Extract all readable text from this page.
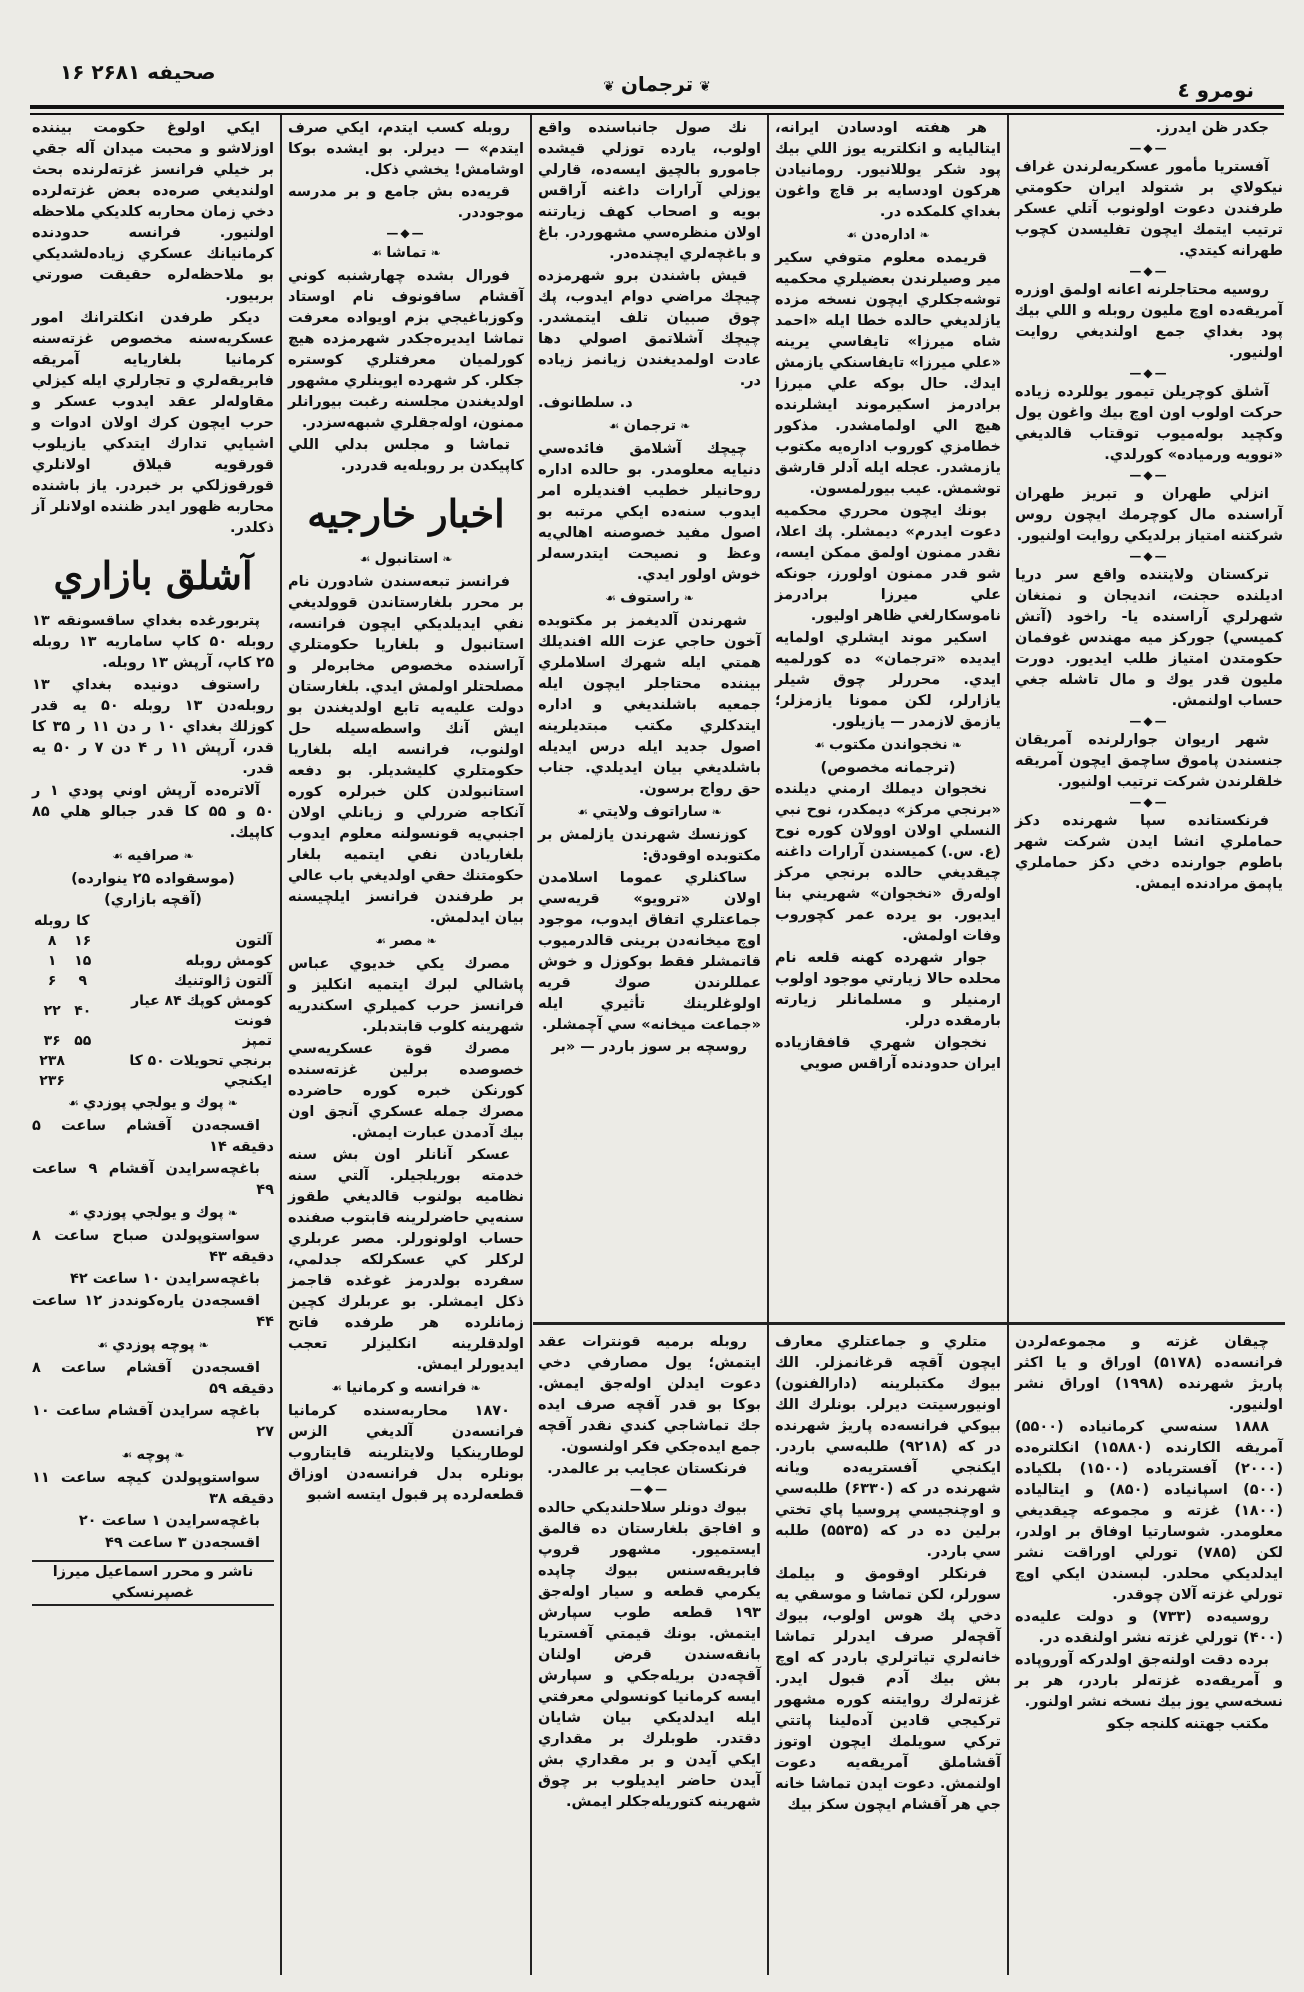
صحيفه ۲۶۸۱ ۱۶
❦ترجمان❦	نومرو ٤

جكدر ظن ايدرز.

—◆—

آفستريا مأمور عسكريه‌لرندن غراف نيكولاي بر شتولد ايران حكومتي طرفندن دعوت اولونوب آتلي عسكر ترتيب ايتمك ايچون تفليسدن كچوب طهرانه كيتدي.

—◆—

روسيه محتاجلرنه اعانه اولمق اوزره آمريقه‌ده اوچ مليون روبله و اللي بيك پود بغداي جمع اولنديغي روايت اولنيور.

—◆—

آشلق كوچريلن تيمور يوللرده زياده حركت اولوب اون اوچ بيك واغون يول وكچيد بوله‌ميوب توقتاب قالديغي «نوويه ورمياده» كورلدي.

—◆—

انزلي طهران و تبريز طهران آراسنده مال كوچرمك ايچون روس شركتنه امتياز برلديكي روايت اولنيور.

—◆—

تركستان ولايتنده واقع سر دريا اديلنده حجنت، انديجان و نمنغان شهرلري آراسنده يا- راخود (آتش كميسي) جوركز ميه مهندس غوفمان حكومتدن امتياز طلب ايديور. دورت مليون قدر يوك و مال تاشله جغي حساب اولنمش.

—◆—

شهر اريوان جوارلرنده آمريقان جنسندن پاموق ساچمق ايچون آمريقه خلقلرندن شركت ترتيب اولنيور.

—◆—

فرنكستانده سپا شهرنده دكز حماملري انشا ايدن شركت شهر باطوم جوارنده دخي دكز حماملري ياپمق مرادنده ايمش.

هر هفته اودسادن ايرانه، ايتاليايه و انكلتريه يوز اللي بيك پود شكر يوللانيور. رومانيادن هركون اودسايه بر قاچ واغون بغداي كلمكده در.

❧ اداره‌دن ☙

قريمده معلوم متوفي سكير مير وصيلرندن بعضيلري محكميه توشه‌جكلري ايچون نسخه مزده يازلديغي حالده خطا ايله «احمد شاه ميرزا» تايفاسي يرينه «علي ميرزا» تايفاسنكي يازمش ايدك. حال بوكه علي ميرزا برادرمز اسكيرموند ايشلرنده هيچ الي اولمامشدر. مذكور خطامزي كوروب اداره‌يه مكتوب يازمشدر. عجله ايله آدلر قارشق توشمش. عيب بيورلمسون.

بونك ايچون محرري محكميه دعوت ايدرم» ديمشلر. پك اعلا، نقدر ممنون اولمق ممكن ايسه، شو قدر ممنون اولورز، جونكه علي ميرزا برادرمز ناموسكارلغي ظاهر اوليور.

اسكير موند ايشلري اولمايه ايديده «ترجمان» ده كورلميه ايدي. محررلر چوق شيلر يازارلر، لكن ممونا يازمزلر؛ يازمق لازمدر — يازيلور.

❧ نخجواندن مكتوب ☙
(ترجمانه مخصوص)

نخجوان ديملك ارمني ديلنده «برنجي مركز» ديمكدر، نوح نبي النسلي اولان اوولان كوره نوح (ع. س.) كميسندن آرارات داغنه چيقديغي حالده برنجي مركز اوله‌رق «نخجوان» شهريني بنا ايديور. بو يرده عمر كچوروب وفات اولمش.

جوار شهرده كهنه قلعه نام محلده حالا زيارتي موجود اولوب ارمنيلر و مسلمانلر زيارته بارمقده درلر.

نخجوان شهري قافقازياده ايران حدودنده آراقس صويي

نك صول جانباسنده واقع اولوب، يارده توزلي قيشده جامورو بالچيق ايسه‌ده، قارلي يوزلي آرارات داغنه آراقس بويه و اصحاب كهف زيارتنه اولان منظره‌سي مشهوردر. باغ و باغچه‌لري ايچنده‌در.

قيش باشندن برو شهرمزده چيچك مراضي دوام ايدوب، پك چوق صبيان تلف ايتمشدر. چيچك آشلاتمق اصولي دها عادت اولمديغندن زيانمز زياده در.

د. سلطانوف.
❧ ترجمان ☙

چيچك آشلامق فائده‌سي دنيايه معلومدر. بو حالده اداره روحانيلر خطيب افنديلره امر ايدوب سنه‌ده ايكي مرتبه بو اصول مفيد خصوصنه اهالي‌يه وعظ و نصيحت ايتدرسه‌لر خوش اولور ايدي.

❧ راستوف ☙

شهرندن آلديغمز بر مكتوبده آخون حاجي عزت الله افنديلك همتي ايله شهرك اسلاملري بيننده محتاجلر ايچون ايله جمعيه باشلنديغي و اداره ايتدكلري مكتب مبتديلرينه اصول جديد ايله درس ايديله باشلديغي بيان ايديلدي. جناب حق رواج برسون.

❧ ساراتوف ولايتي ☙

كوزنسك شهرندن يازلمش بر مكتوبده اوقودق:

ساكنلري عموما اسلامدن اولان «ترويو» قريه‌سي جماعتلري اتفاق ايدوب، موجود اوچ ميخانه‌دن برينى قالدرميوب قاتمشلر فقط بوكوزل و خوش عمللرندن صوك قريه اولوغلرينك تأثيري ايله «جماعت ميخانه» سي آچمشلر.

روسچه بر سوز باردر — «بر

روبله كسب ايتدم، ايكي صرف ايتدم» — ديرلر. بو ايشده بوكا اوشامش! يخشي ذكل.

قريه‌ده بش جامع و بر مدرسه موجوددر.

—◆—
❧ تماشا ☙

فورال بشده چهارشنبه كوني آقشام سافونوف نام اوستاد وكوزباغيجي بزم اويواده معرفت تماشا ايديره‌جكدر شهرمزده هيچ كورلميان معرفتلري كوستره جكلر. كر شهرده ايوينلري مشهور اولديغندن مجلسنه رغبت بيورانلر ممنون، اوله‌جقلري شبهه‌سزدر.

تماشا و مجلس بدلي اللي كاپيكدن بر روبله‌يه قدردر.

اخبار خارجيه
❧ استانبول ☙

فرانسز تبعه‌سندن شادورن نام بر محرر بلغارستاندن قوولديغي نفي ايديلديكي ايچون فرانسه، استانبول و بلغاريا حكومتلري آراسنده مخصوص مخابره‌لر و مصلحتلر اولمش ايدي. بلغارستان دولت عليه‌يه تابع اولديغندن بو ايش آنك واسطه‌سيله حل اولنوب، فرانسه ايله بلغاريا حكومتلري كليشديلر. بو دفعه استانبولدن كلن خبرلره كوره آنكاجه ضررلي و زيانلي اولان اجنبي‌يه قونسولنه معلوم ايدوب بلغاريادن نفي ايتميه بلغار حكومتنك حقي اولديغي باب عالي بر طرفندن فرانسز ايلچيسنه بيان ايدلمش.

❧ مصر ☙

مصرك يكي خديوي عباس پاشالي لبرك ايتميه انكليز و فرانسز حرب كميلري اسكندريه شهرينه كلوب قابتدبلر.

مصرك قوة عسكريه‌سي خصوصده برلين غزته‌سنده كورنكن خبره كوره حاضرده مصرك جمله عسكري آنجق اون بيك آدمدن عبارت ايمش.

عسكر آنانلر اون بش سنه خدمته بوريلجيلر. آلتي سنه نظاميه بولنوب قالديغي طقوز سنه‌يي حاضرلرينه قابتوب صفنده حساب اولونورلر. مصر عربلري لركلر كي عسكرلكه جدلمي، سفرده بولدرمز غوغده قاجمز ذكل ايمشلر. بو عربلرك كچين زمانلرده هر طرفده فاتح اولدقلرينه انكليزلر تعجب ايديورلر ايمش.

❧ فرانسه و كرمانيا ☙

۱۸۷۰ محاربه‌سنده كرمانيا فرانسه‌دن آلديغي الزس لوطارينكيا ولايتلرينه قايتاروب بونلره بدل فرانسه‌دن اوزاق قطعه‌لرده پر قبول ايتسه اشبو

ايكي اولوغ حكومت بيننده اوزلاشو و محبت ميدان آله جقي بر خيلي فرانسز غزته‌لرنده بحث اولنديغي صره‌ده بعض غزته‌لرده دخي زمان محاربه كلديكي ملاحظه اولنيور. فرانسه حدودنده كرمانيانك عسكري زياده‌لشديكي بو ملاحظه‌لره حقيقت صورتي بربيور.

ديكر طرفدن انكلترانك امور عسكريه‌سنه مخصوص غزته‌سنه كرمانيا بلغاريايه آمريقه فابريقه‌لري و تجارلري ايله كيزلي مقاوله‌لر عقد ايدوب عسكر و حرب ايچون كرك اولان ادوات و اشيايي تدارك ايتدكي يازيلوب قورقويه قيلاق اولانلري قورقوزلكي بر خبردر. ياز باشنده محاربه ظهور ايدر ظننده اولانلر آز ذكلدر.

آشلق بازاري

پتربورغده بغداي ساقسونقه ۱۳ روبله ۵۰ كاپ ساماريه ۱۳ روبله ۲۵ كاپ، آرپش ۱۳ روبله.

راستوف دونيده بغداي ۱۳ روبله‌دن ۱۳ روبله ۵۰ يه قدر كوزلك بغداي ۱۰ ر دن ۱۱ ر ۳۵ كا قدر، آرپش ۱۱ ر ۴ دن ۷ ر ۵۰ يه قدر.

آلاتره‌ده آرپش اوني پودي ۱ ر ۵۰ و ۵۵ كا قدر جبالو هلي ۸۵ كاپيك.

❧ صرافيه ☙
(موسقواده ۲۵ ينوارده)
(آقچه بازاري)
	كا	روبله
آلتون	۱۶	۸
كومش روبله	۱۵	۱
آلتون ژالوتنيك	۹	۶
كومش كوپك ۸۴ عيار فونت	۴۰	۲۲
تمپز	۵۵	۳۶
برنجي تحويلات ۵۰ كا		۲۳۸
ايكنجي		۲۳۶
❧ پوك و يولجي پوزدي ☙

اقسجه‌دن آقشام ساعت ۵ دقيقه ۱۴

باغچه‌سرايدن آقشام ۹ ساعت ۴۹

❧ پوك و يولجي پوزدي ☙

سواستوپولدن صباح ساعت ۸ دقيقه ۴۳

باغچه‌سرايدن ۱۰ ساعت ۴۲

اقسجه‌دن ياره‌كونددز ۱۲ ساعت ۴۴

❧ پوچه پوزدي ☙

اقسجه‌دن آقشام ساعت ۸ دقيقه ۵۹

باغچه سرايدن آقشام ساعت ۱۰ ۲۷

❧ پوچه ☙

سواستوپولدن كيچه ساعت ۱۱ دقيقه ۳۸

باغچه‌سرايدن ۱ ساعت ۲۰

اقسجه‌دن ۳ ساعت ۴۹

ناشر و محرر اسماعيل ميرزا غصپرنسكي

چيقان غزته و مجموعه‌لردن فرانسه‌ده (۵۱۷۸) اوراق و يا اكثر پاريژ شهرنده (۱۹۹۸) اوراق نشر اولنيور.

۱۸۸۸ سنه‌سي كرمانياده (۵۵۰۰) آمريقه الكارنده (۱۵۸۸۰) انكلتره‌ده (۲۰۰۰) آفستريا‌ده (۱۵۰۰) بلكياده (۵۰۰) اسپانياده (۸۵۰) و ايتاليا‌ده (۱۸۰۰) غزته و مجموعه چيقديغي معلومدر. شوسارتيا اوفاق بر اولدر، لكن (۷۸۵) تورلي اوراقت نشر ايدلديكي محلدر. لبسندن ايكي اوچ تورلي غزته آلان چوقدر.

روسيه‌ده (۷۳۳) و دولت عليه‌ده (۴۰۰) تورلي غزته نشر اولنقده در.

برده دقت اولنه‌جق اولدركه آوروپاده و آمريقه‌ده غزته‌لر باردر، هر بر نسخه‌سي يوز بيك نسخه نشر اولنور.

مكتب جهتنه كلنجه جكو

متلري و جماعتلري معارف ايچون آقچه قرغانمزلر. الك بيوك مكتبلرينه (دارالفنون) اونيورسيتت ديرلر. بونلرك الك بيوكي فرانسه‌ده پاريژ شهرنده در كه (۹۲۱۸) طلبه‌سي باردر. ايكنجي آفستريه‌ده ويانه شهرنده در كه (۶۳۳۰) طلبه‌سي و اوچنجيسي پروسيا پاي تختي برلين ده در كه (۵۵۳۵) طلبه سي باردر.

فرنكلر اوقومق و بيلمك سورلر، لكن تماشا و موسقي يه دخي پك هوس اولوب، بيوك آقچه‌لر صرف ايدرلر تماشا خانه‌لري تياترلري باردر كه اوچ بش بيك آدم قبول ايدر. غزته‌لرك روايتنه كوره مشهور تركيجي قادين آده‌لينا پاتتي تركي سويلمك ايچون اوتوز آقشاملق آمريقه‌يه دعوت اولنمش. دعوت ايدن تماشا خانه جي هر آقشام ايچون سكز بيك

روبله برميه قونترات عقد ايتمش؛ يول مصارفي دخي دعوت ايدلن اوله‌جق ايمش. بوكا بو قدر آقچه صرف ايده جك تماشاجي كندي نقدر آقچه جمع ايده‌جكي فكر اولنسون.

فرنكستان عجايب بر عالمدر.

—◆—

بيوك دونلر سلاحلنديكي حالده و افاجق بلغارستان ده قالمق ايستميور. مشهور قروپ فابريقه‌سنس بيوك چاپده يكرمي قطعه و سيار اوله‌جق ۱۹۳ قطعه طوب سپارش ايتمش. بونك قيمتي آفستريا بانقه‌سندن قرض اولنان آقچه‌دن بريله‌جكي و سپارش ايسه كرمانيا كونسولي معرفتي ايله ايدلديكي بيان شايان دقتدر. طوبلرك بر مقداري ايكي آيدن و بر مقداري بش آيدن حاضر ايديلوب بر چوق شهرينه كتوريله‌جكلر ايمش.
